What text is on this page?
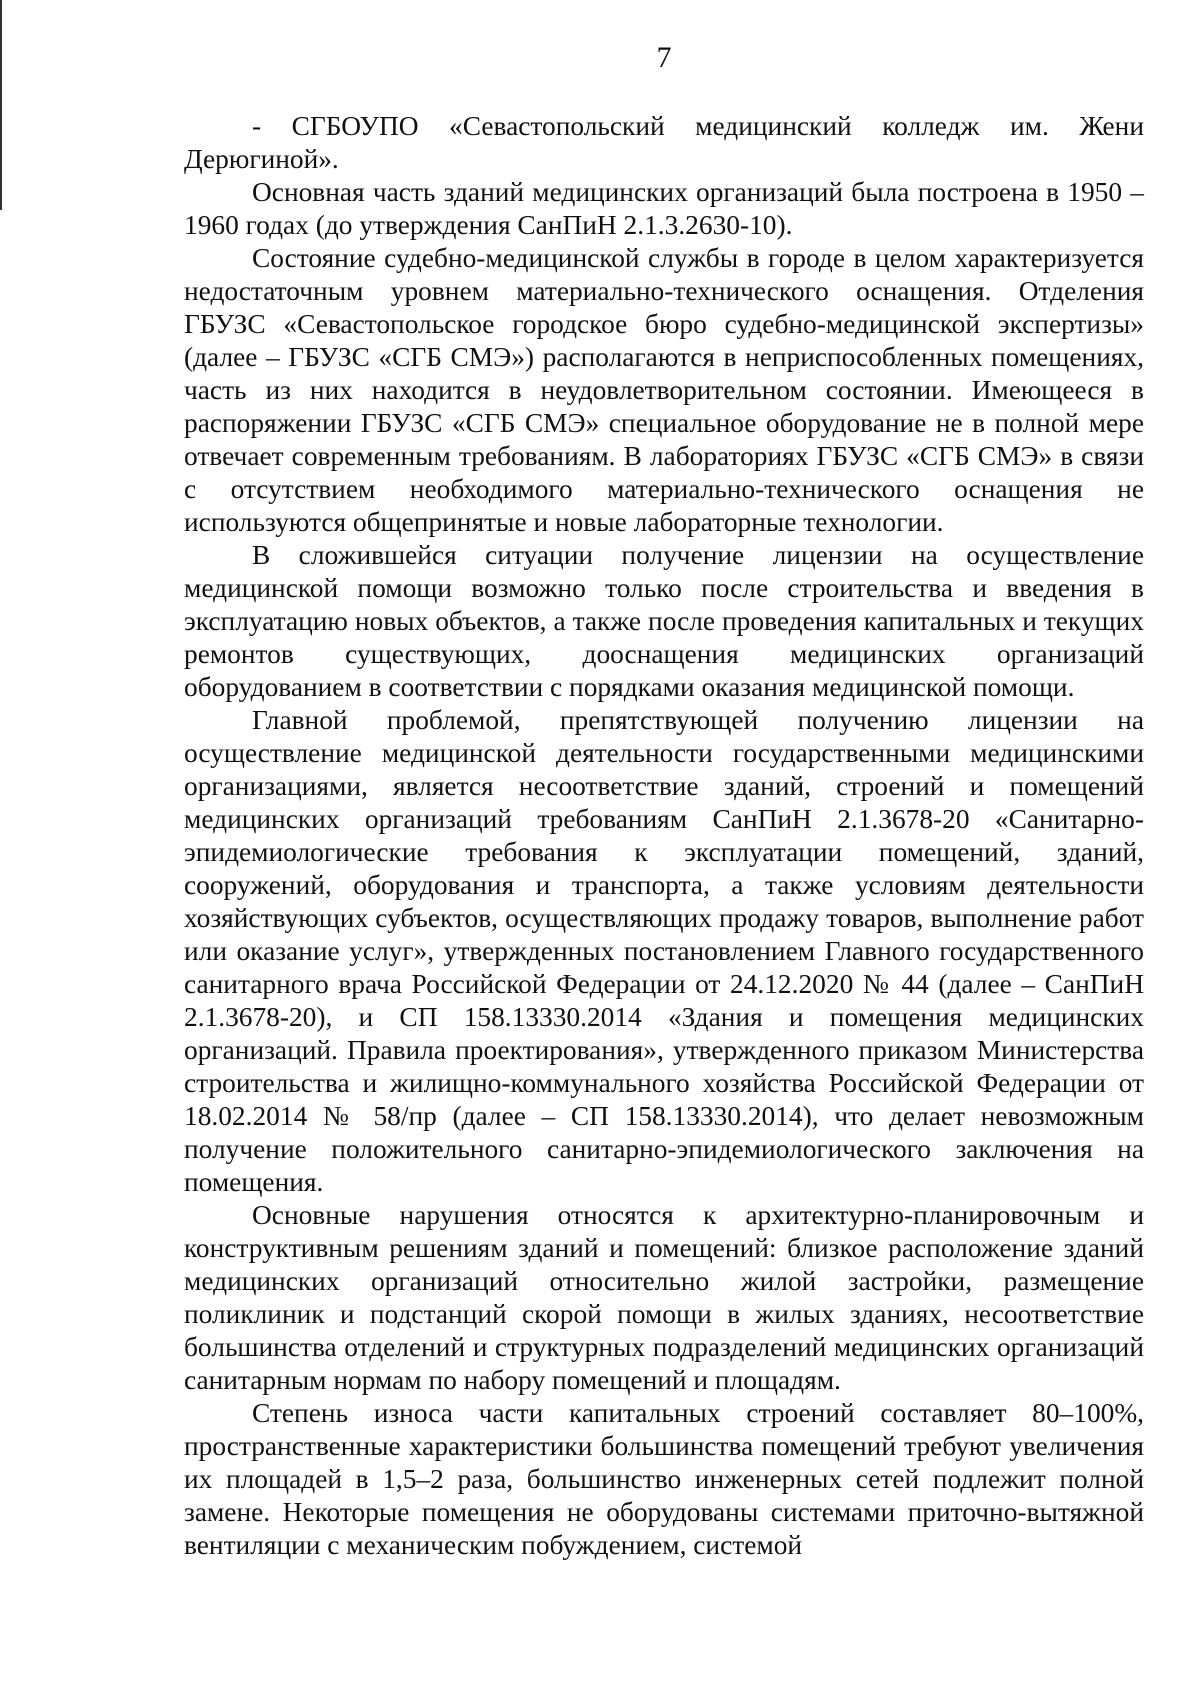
7

- СГБОУПО «Севастопольский медицинский колледж им. Жени Дерюгиной».

Основная часть зданий медицинских организаций была построена в 1950 – 1960 годах (до утверждения СанПиН 2.1.3.2630-10).

Состояние судебно-медицинской службы в городе в целом характеризуется недостаточным уровнем материально-технического оснащения. Отделения ГБУЗС «Севастопольское городское бюро судебно-медицинской экспертизы» (далее – ГБУЗС «СГБ СМЭ») располагаются в неприспособленных помещениях, часть из них находится в неудовлетворительном состоянии. Имеющееся в распоряжении ГБУЗС «СГБ СМЭ» специальное оборудование не в полной мере отвечает современным требованиям. В лабораториях ГБУЗС «СГБ СМЭ» в связи с отсутствием необходимого материально-технического оснащения не используются общепринятые и новые лабораторные технологии.

В сложившейся ситуации получение лицензии на осуществление медицинской помощи возможно только после строительства и введения в эксплуатацию новых объектов, а также после проведения капитальных и текущих ремонтов существующих, дооснащения медицинских организаций оборудованием в соответствии с порядками оказания медицинской помощи.

Главной проблемой, препятствующей получению лицензии на осуществление медицинской деятельности государственными медицинскими организациями, является несоответствие зданий, строений и помещений медицинских организаций требованиям СанПиН 2.1.3678-20 «Санитарно-эпидемиологические требования к эксплуатации помещений, зданий, сооружений, оборудования и транспорта, а также условиям деятельности хозяйствующих субъектов, осуществляющих продажу товаров, выполнение работ или оказание услуг», утвержденных постановлением Главного государственного санитарного врача Российской Федерации от 24.12.2020 № 44 (далее – СанПиН 2.1.3678-20), и СП 158.13330.2014 «Здания и помещения медицинских организаций. Правила проектирования», утвержденного приказом Министерства строительства и жилищно-коммунального хозяйства Российской Федерации от 18.02.2014 № 58/пр (далее – СП 158.13330.2014), что делает невозможным получение положительного санитарно-эпидемиологического заключения на помещения.

Основные нарушения относятся к архитектурно-планировочным и конструктивным решениям зданий и помещений: близкое расположение зданий медицинских организаций относительно жилой застройки, размещение поликлиник и подстанций скорой помощи в жилых зданиях, несоответствие большинства отделений и структурных подразделений медицинских организаций санитарным нормам по набору помещений и площадям.

Степень износа части капитальных строений составляет 80–100%, пространственные характеристики большинства помещений требуют увеличения их площадей в 1,5–2 раза, большинство инженерных сетей подлежит полной замене. Некоторые помещения не оборудованы системами приточно-вытяжной вентиляции с механическим побуждением, системой
